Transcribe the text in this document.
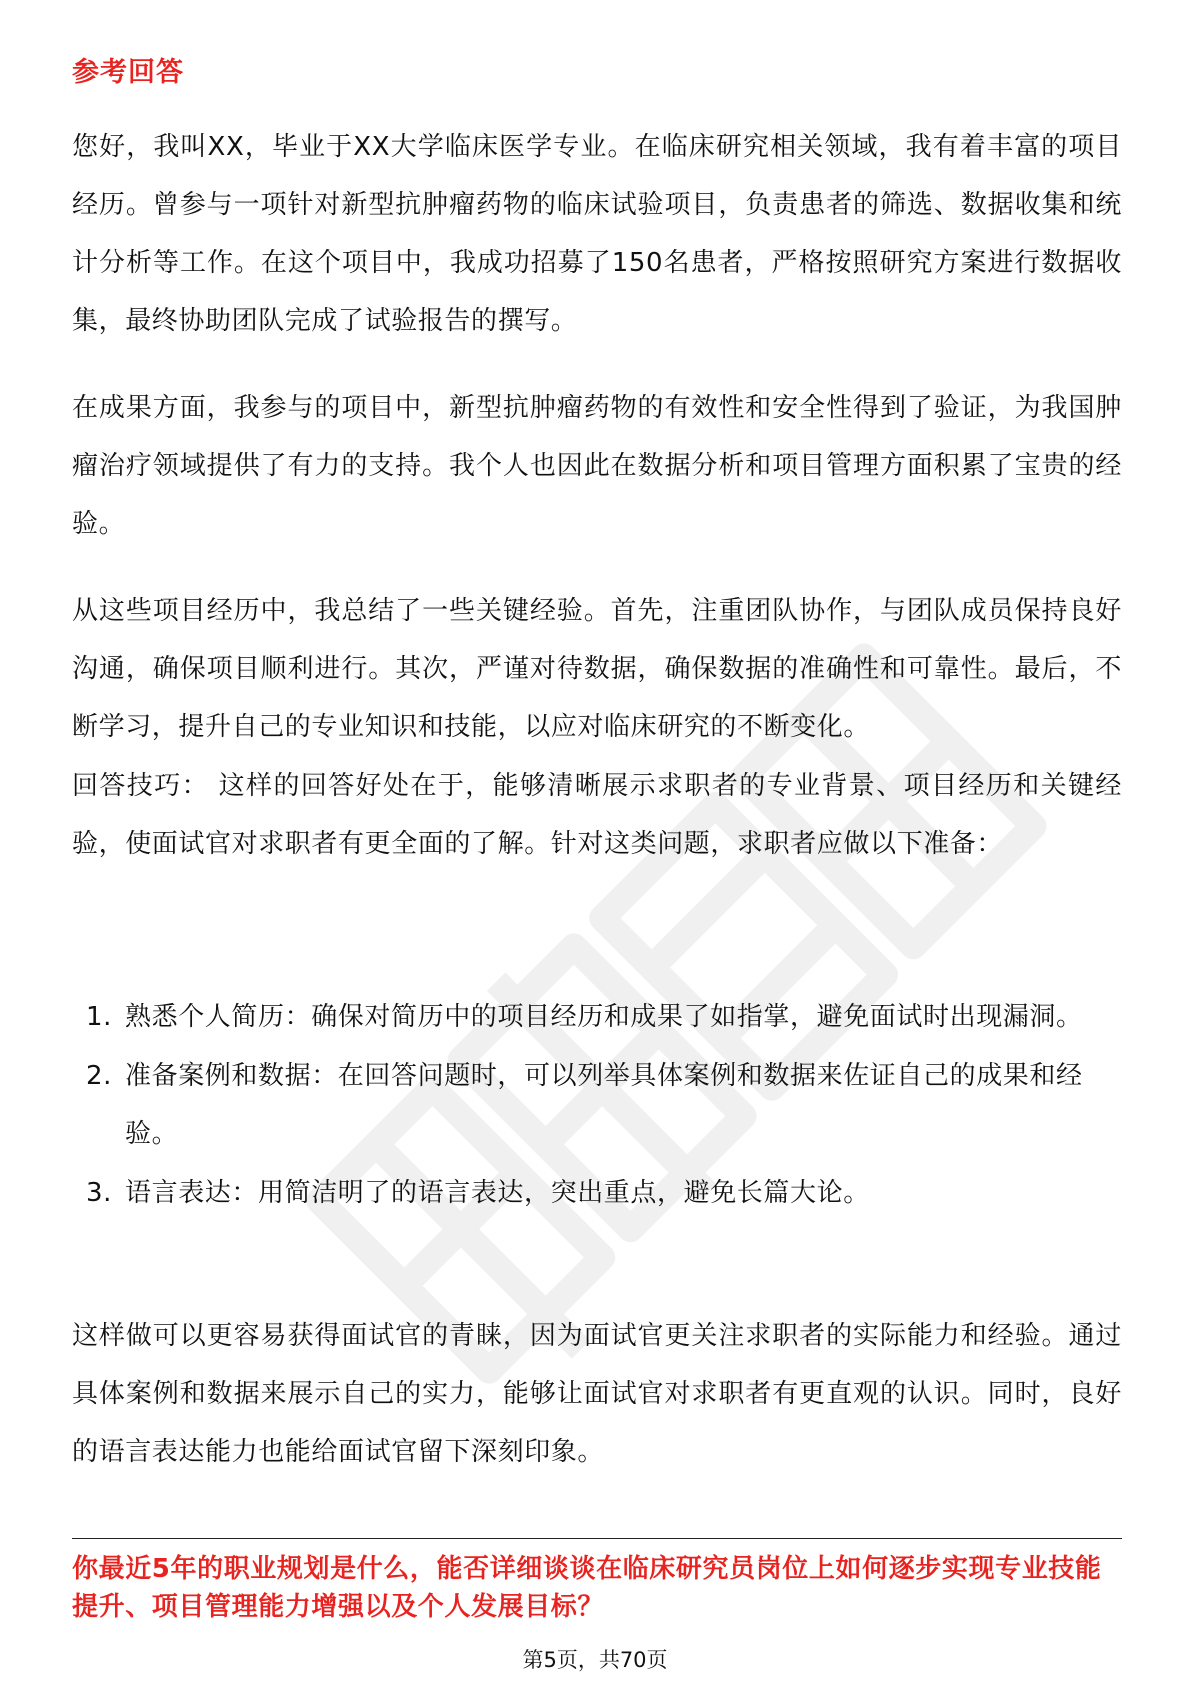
参考回答

您好，我叫XX，毕业于XX大学临床医学专业。在临床研究相关领域，我有着丰富的项目经历。曾参与一项针对新型抗肿瘤药物的临床试验项目，负责患者的筛选、数据收集和统计分析等工作。在这个项目中，我成功招募了150名患者，严格按照研究方案进行数据收集，最终协助团队完成了试验报告的撰写。

在成果方面，我参与的项目中，新型抗肿瘤药物的有效性和安全性得到了验证，为我国肿瘤治疗领域提供了有力的支持。我个人也因此在数据分析和项目管理方面积累了宝贵的经验。

从这些项目经历中，我总结了一些关键经验。首先，注重团队协作，与团队成员保持良好沟通，确保项目顺利进行。其次，严谨对待数据，确保数据的准确性和可靠性。最后，不断学习，提升自己的专业知识和技能，以应对临床研究的不断变化。

回答技巧： 这样的回答好处在于，能够清晰展示求职者的专业背景、项目经历和关键经验，使面试官对求职者有更全面的了解。针对这类问题，求职者应做以下准备：

1. 熟悉个人简历：确保对简历中的项目经历和成果了如指掌，避免面试时出现漏洞。
2. 准备案例和数据：在回答问题时，可以列举具体案例和数据来佐证自己的成果和经验。
3. 语言表达：用简洁明了的语言表达，突出重点，避免长篇大论。

这样做可以更容易获得面试官的青睐，因为面试官更关注求职者的实际能力和经验。通过具体案例和数据来展示自己的实力，能够让面试官对求职者有更直观的认识。同时，良好的语言表达能力也能给面试官留下深刻印象。

你最近5年的职业规划是什么，能否详细谈谈在临床研究员岗位上如何逐步实现专业技能提升、项目管理能力增强以及个人发展目标？

第5页，共70页
